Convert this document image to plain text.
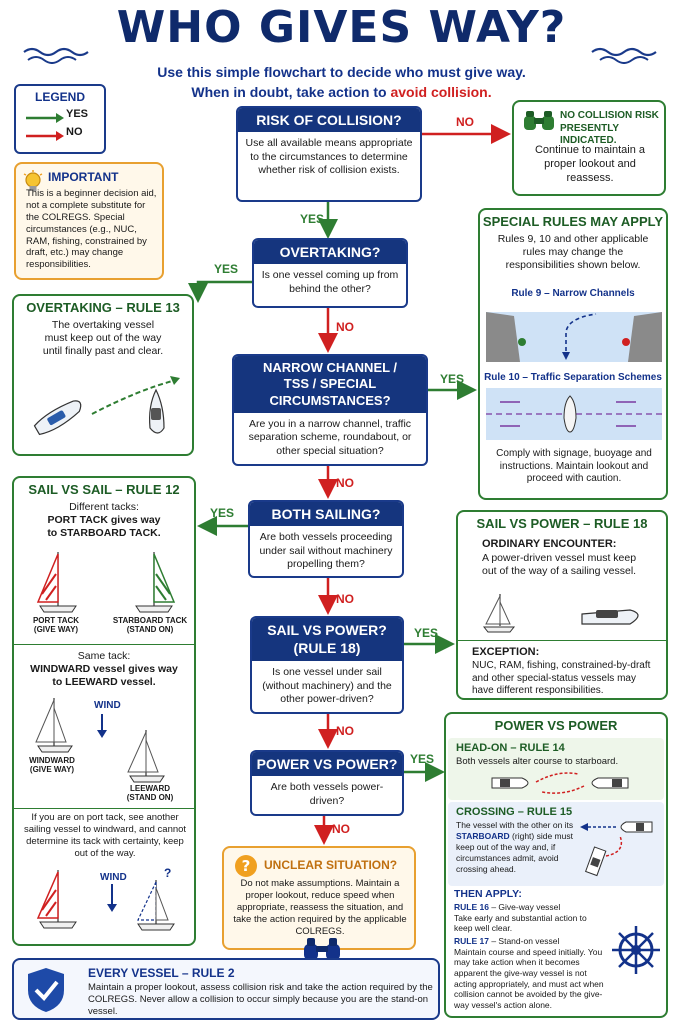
WHO GIVES WAY?
Use this simple flowchart to decide who must give way.
When in doubt, take action to avoid collision.
LEGEND
YES
NO
IMPORTANT
This is a beginner decision aid, not a complete substitute for the COLREGS. Special circumstances (e.g., NUC, RAM, fishing, constrained by draft, etc.) may change responsibilities.
NO
YES
YES
NO
YES
NO
YES
NO
YES
NO
YES
NO
RISK OF COLLISION?
Use all available means appropriate to the circumstances to determine whether risk of collision exists.
NO COLLISION RISK
PRESENTLY INDICATED.
Continue to maintain a proper lookout and reassess.
OVERTAKING?
Is one vessel coming up from behind the other?
OVERTAKING – RULE 13
The overtaking vessel must keep out of the way until finally past and clear.
NARROW CHANNEL /
TSS / SPECIAL CIRCUMSTANCES?
Are you in a narrow channel, traffic separation scheme, roundabout, or other special situation?
SPECIAL RULES MAY APPLY
Rules 9, 10 and other applicable rules may change the responsibilities shown below.
Rule 9 – Narrow Channels
Rule 10 – Traffic Separation Schemes
Comply with signage, buoyage and instructions. Maintain lookout and proceed with caution.
BOTH SAILING?
Are both vessels proceeding under sail without machinery propelling them?
SAIL VS SAIL – RULE 12
Different tacks:
PORT TACK gives way to STARBOARD TACK.
PORT TACK
(GIVE WAY)
STARBOARD TACK
(STAND ON)
Same tack:
WINDWARD vessel gives way to LEEWARD vessel.
WIND
WINDWARD
(GIVE WAY)
LEEWARD
(STAND ON)
If you are on port tack, see another sailing vessel to windward, and cannot determine its tack with certainty, keep out of the way.
WIND	?
SAIL VS POWER?
(RULE 18)
Is one vessel under sail (without machinery) and the other power-driven?
SAIL VS POWER – RULE 18
ORDINARY ENCOUNTER:
A power-driven vessel must keep out of the way of a sailing vessel.
EXCEPTION:
NUC, RAM, fishing, constrained-by-draft and other special-status vessels may have different responsibilities.
POWER VS POWER?
Are both vessels power-driven?
POWER VS POWER
HEAD-ON – RULE 14
Both vessels alter course to starboard.
CROSSING – RULE 15
The vessel with the other on its STARBOARD (right) side must keep out of the way and, if circumstances admit, avoid crossing ahead.
THEN APPLY:
RULE 16 – Give-way vessel
Take early and substantial action to keep well clear.
RULE 17 – Stand-on vessel
Maintain course and speed initially. You may take action when it becomes apparent the give-way vessel is not acting appropriately, and must act when collision cannot be avoided by the give-way vessel's action alone.
? UNCLEAR SITUATION?
Do not make assumptions. Maintain a proper lookout, reduce speed when appropriate, reassess the situation, and take the action required by the applicable COLREGS.
EVERY VESSEL – RULE 2
Maintain a proper lookout, assess collision risk and take the action required by the COLREGS. Never allow a collision to occur simply because you are the stand-on vessel.
